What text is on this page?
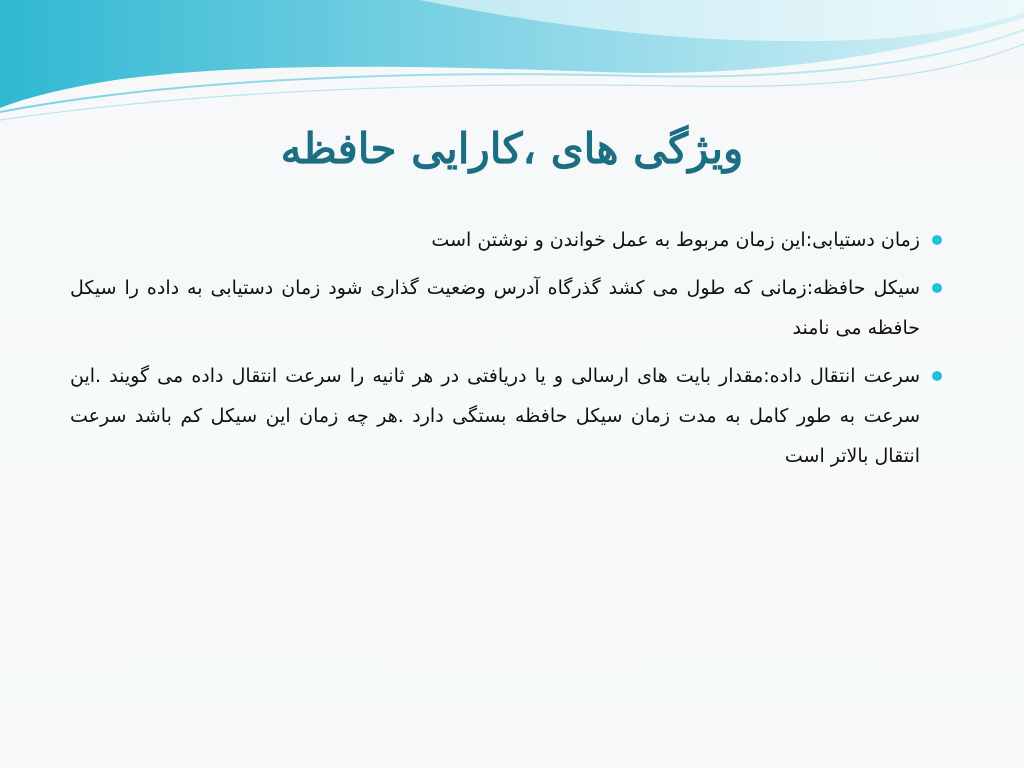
ویژگی های ،کارایی حافظه
زمان دستیابی:این زمان مربوط به عمل خواندن و نوشتن است
سیکل حافظه:زمانی که طول می کشد گذرگاه آدرس وضعیت گذاری شود زمان دستیابی به داده را سیکل حافظه می نامند
سرعت انتقال داده:مقدار بایت های ارسالی و یا دریافتی در هر ثانیه را سرعت انتقال داده می گویند .این سرعت به طور کامل به مدت زمان سیکل حافظه بستگی دارد .هر چه زمان این سیکل کم باشد سرعت انتقال بالاتر است
